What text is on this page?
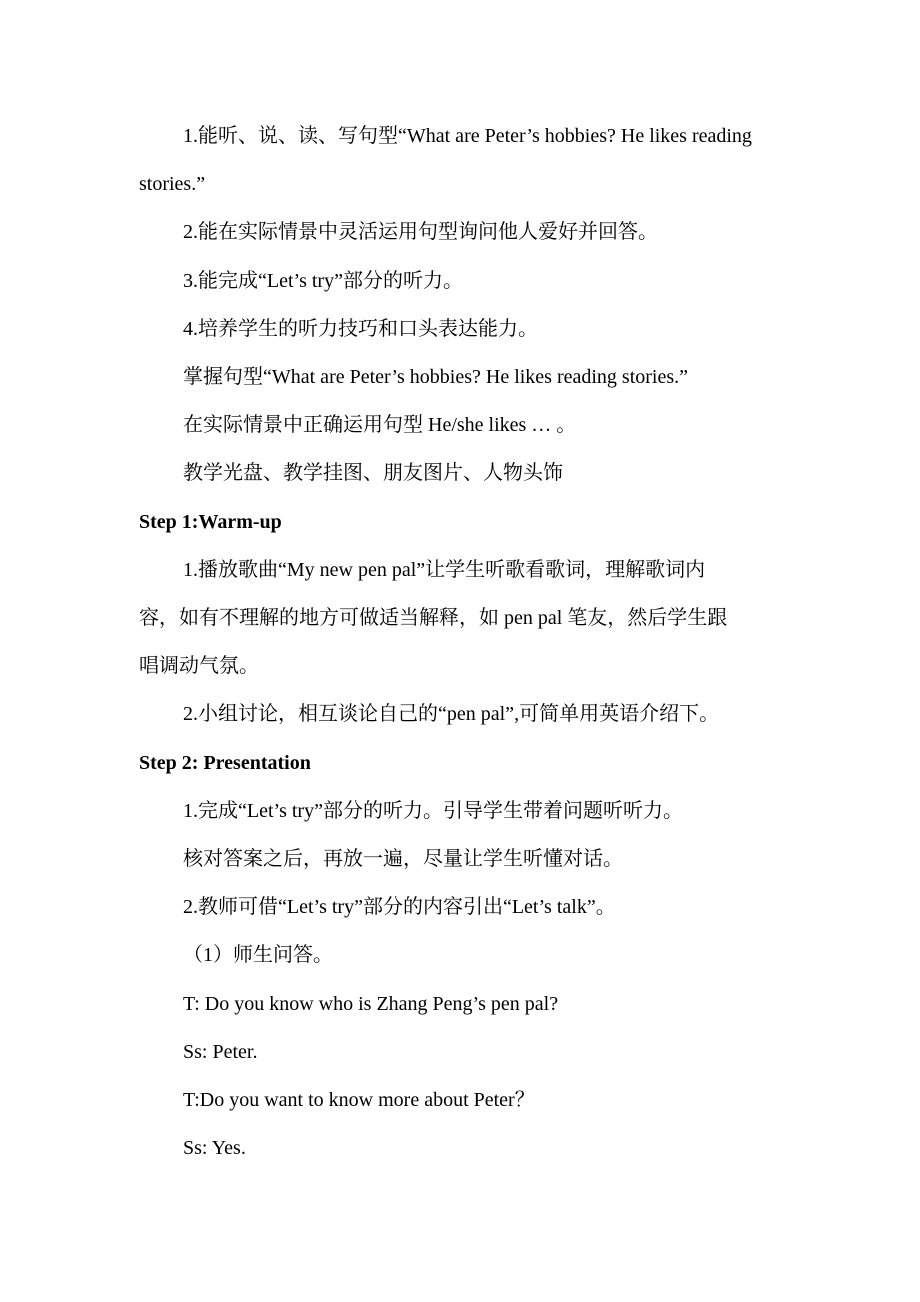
1.能听、说、读、写句型“What are Peter’s hobbies? He likes reading
stories.”
2.能在实际情景中灵活运用句型询问他人爱好并回答。
3.能完成“Let’s try”部分的听力。
4.培养学生的听力技巧和口头表达能力。
掌握句型“What are Peter’s hobbies? He likes reading stories.”
在实际情景中正确运用句型 He/she likes … 。
教学光盘、教学挂图、朋友图片、人物头饰
Step 1:Warm-up
1.播放歌曲“My new pen pal”让学生听歌看歌词，理解歌词内
容，如有不理解的地方可做适当解释，如 pen pal 笔友，然后学生跟
唱调动气氛。
2.小组讨论，相互谈论自己的“pen pal”,可简单用英语介绍下。
Step 2: Presentation
1.完成“Let’s try”部分的听力。引导学生带着问题听听力。
核对答案之后，再放一遍，尽量让学生听懂对话。
2.教师可借“Let’s try”部分的内容引出“Let’s talk”。
（1）师生问答。
T: Do you know who is Zhang Peng’s pen pal?
Ss: Peter.
T:Do you want to know more about Peter？
Ss: Yes.
